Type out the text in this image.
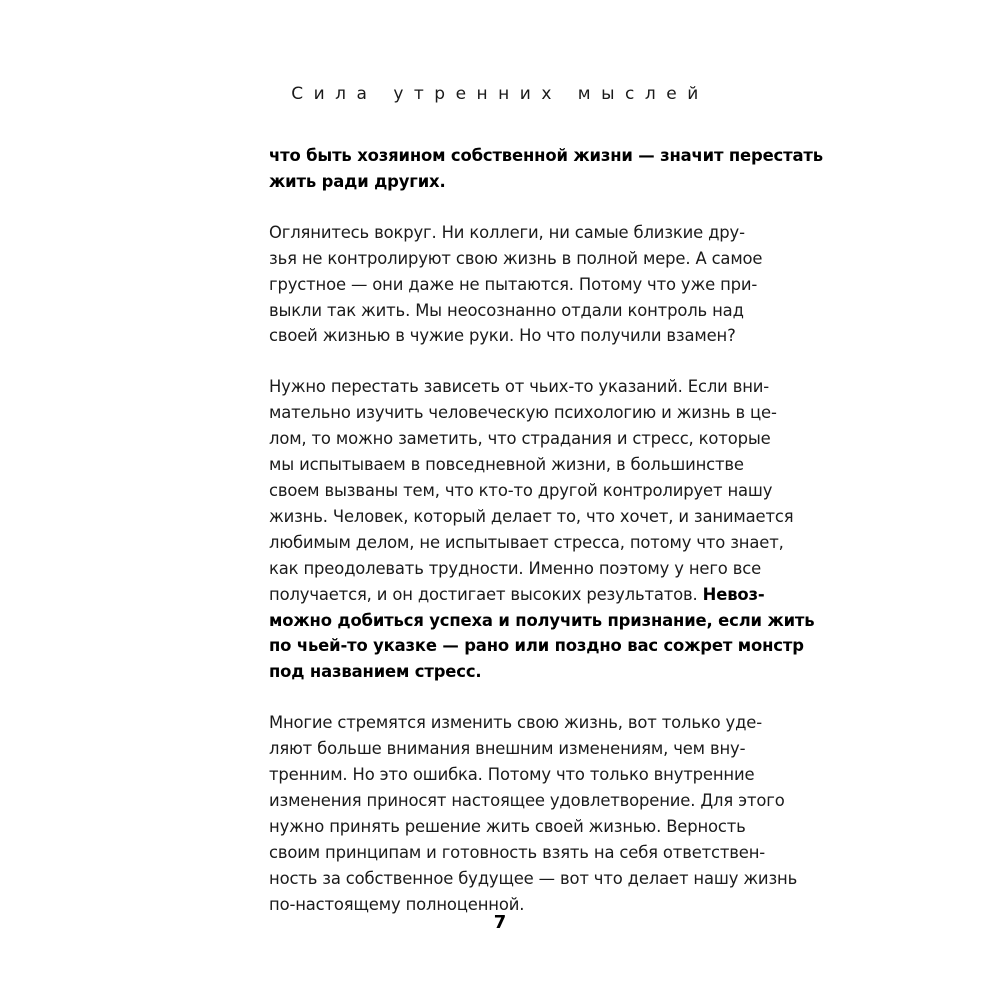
Сила утренних мыслей
что быть хозяином собственной жизни — значит перестать
жить ради других.
Оглянитесь вокруг. Ни коллеги, ни самые близкие дру-
зья не контролируют свою жизнь в полной мере. А самое
грустное — они даже не пытаются. Потому что уже при-
выкли так жить. Мы неосознанно отдали контроль над
своей жизнью в чужие руки. Но что получили взамен?
Нужно перестать зависеть от чьих-то указаний. Если вни-
мательно изучить человеческую психологию и жизнь в це-
лом, то можно заметить, что страдания и стресс, которые
мы испытываем в повседневной жизни, в большинстве
своем вызваны тем, что кто-то другой контролирует нашу
жизнь. Человек, который делает то, что хочет, и занимается
любимым делом, не испытывает стресса, потому что знает,
как преодолевать трудности. Именно поэтому у него все
получается, и он достигает высоких результатов. Невоз-
можно добиться успеха и получить признание, если жить
по чьей-то указке — рано или поздно вас сожрет монстр
под названием стресс.
Многие стремятся изменить свою жизнь, вот только уде-
ляют больше внимания внешним изменениям, чем вну-
тренним. Но это ошибка. Потому что только внутренние
изменения приносят настоящее удовлетворение. Для этого
нужно принять решение жить своей жизнью. Верность
своим принципам и готовность взять на себя ответствен-
ность за собственное будущее — вот что делает нашу жизнь
по-настоящему полноценной.
7
